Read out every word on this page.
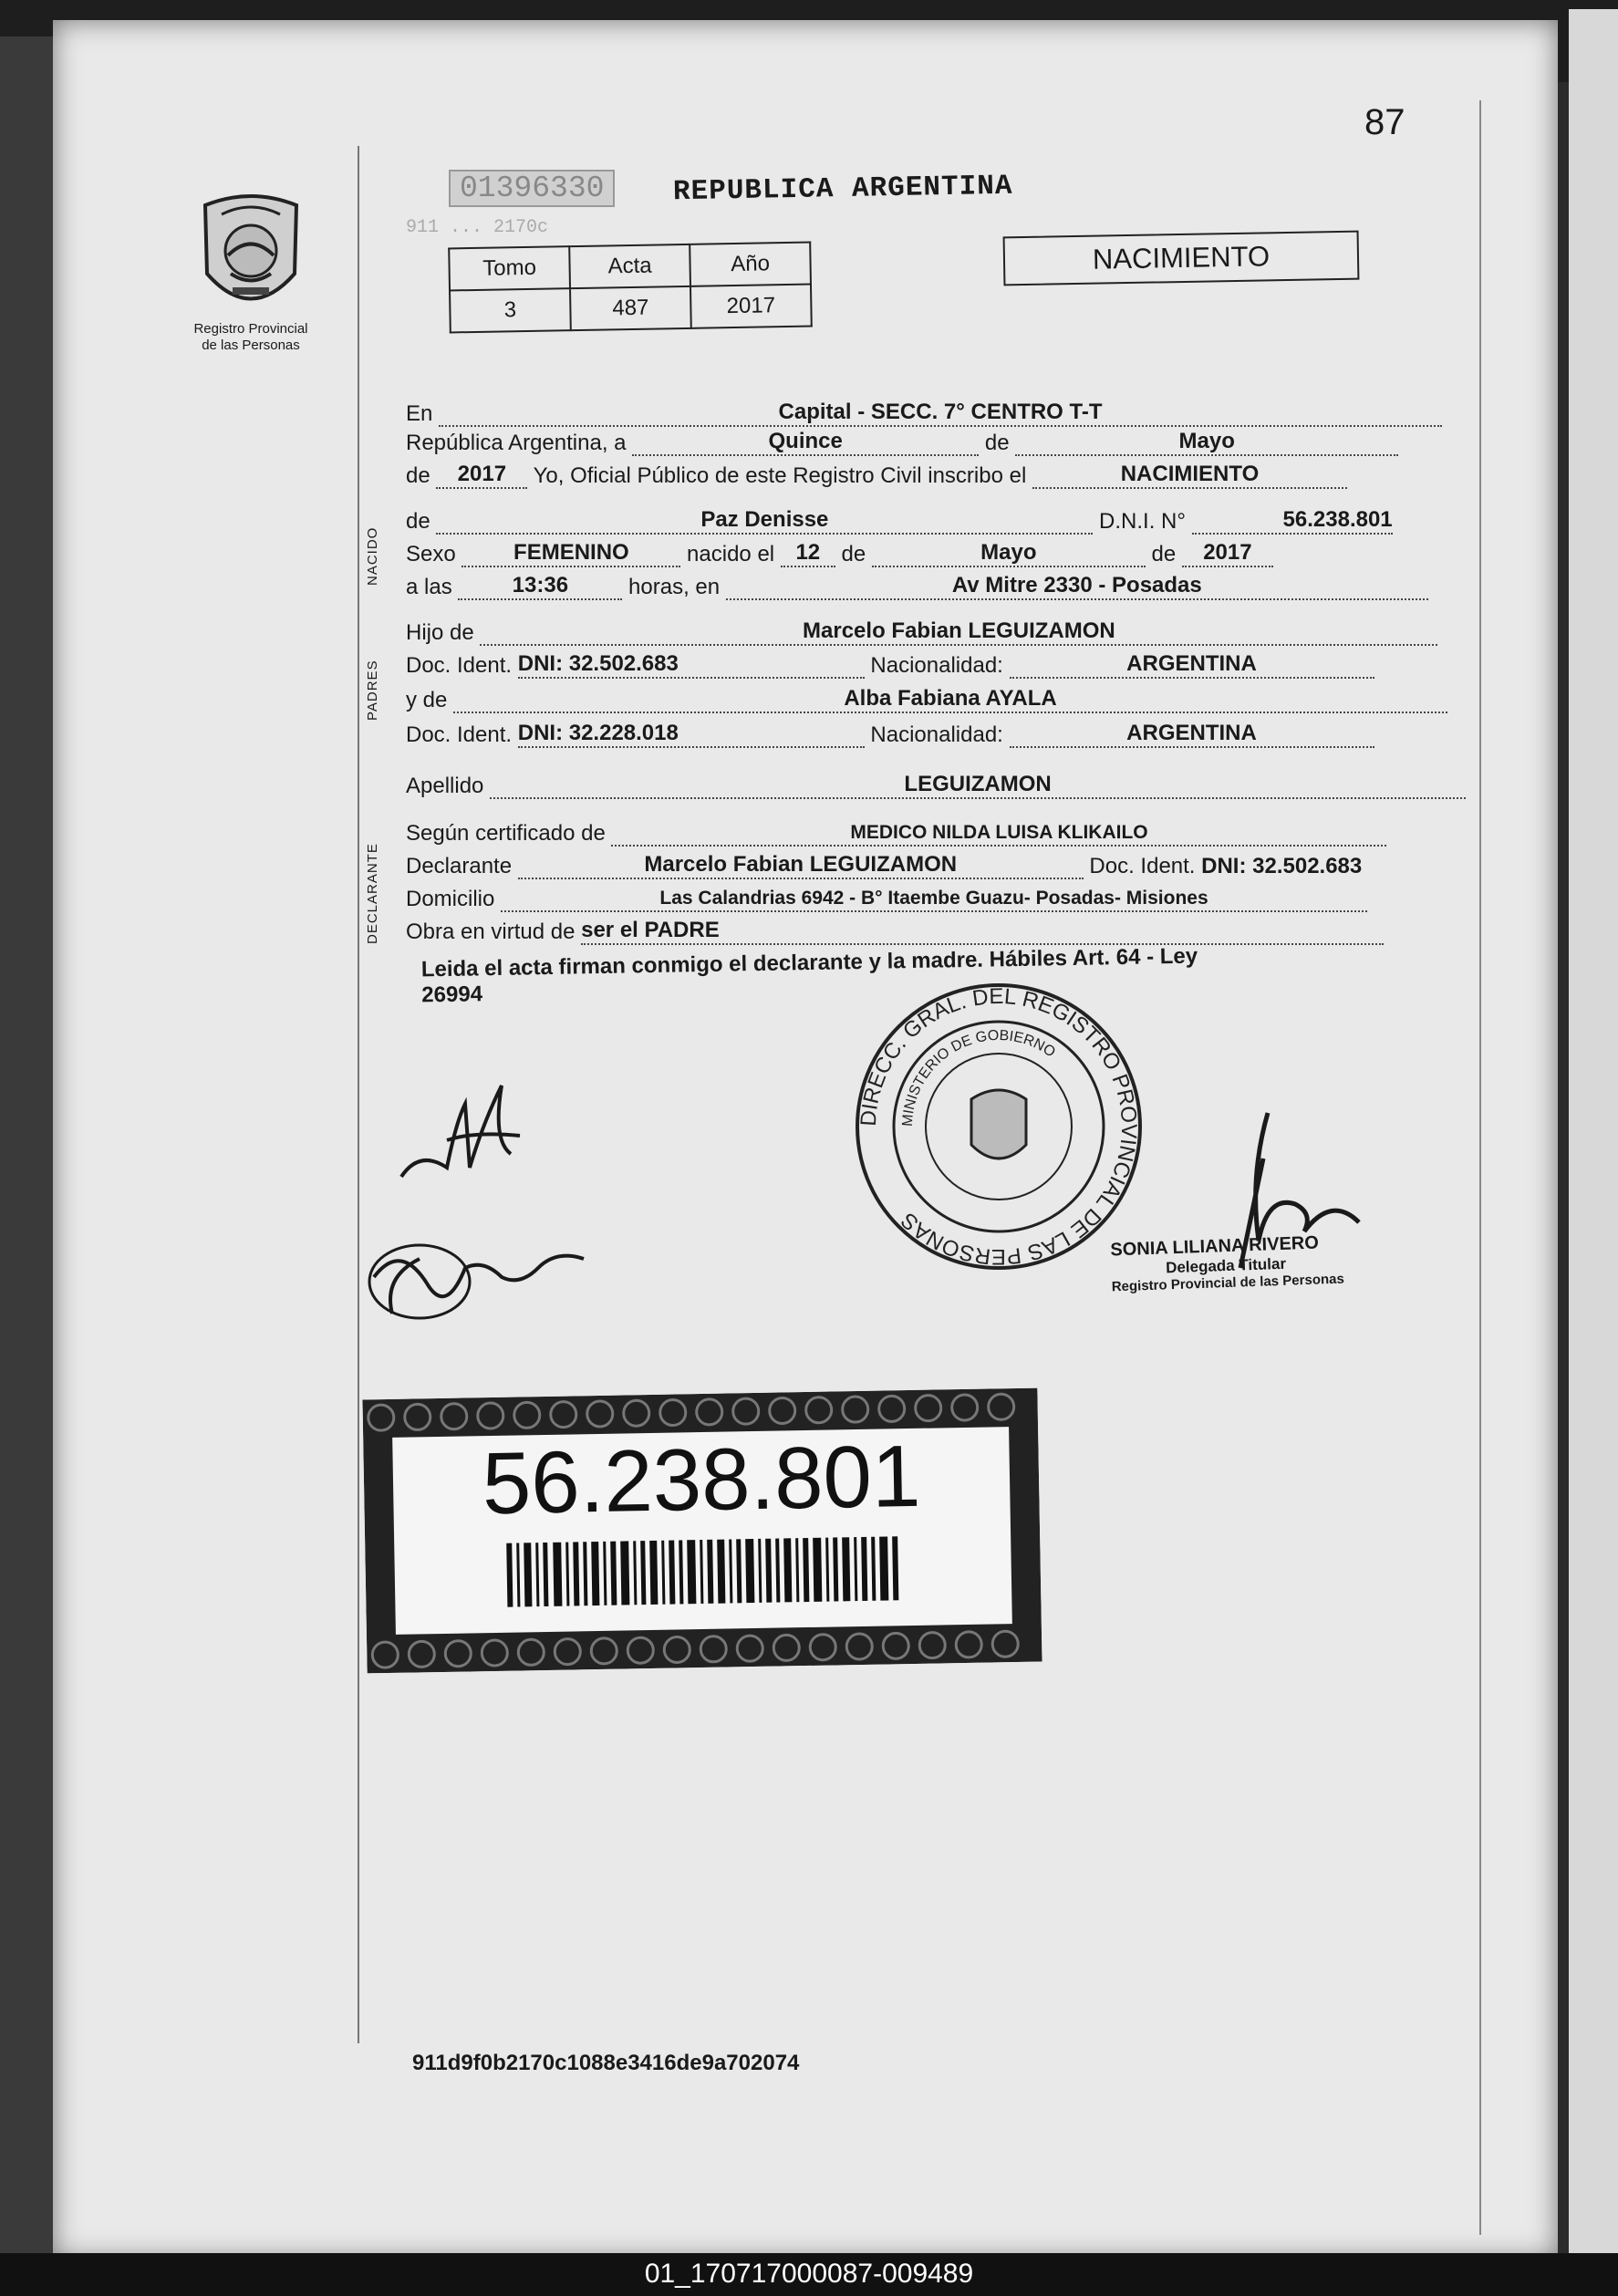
87
Registro Provincial
de las Personas
01396330
911 ... 2170c
REPUBLICA ARGENTINA
Tomo	Acta	Año
3	487	2017
NACIMIENTO
En	Capital - SECC. 7° CENTRO T-T
República Argentina, a	Quince	de	Mayo
de 2017 Yo, Oficial Público de este Registro Civil inscribo el	NACIMIENTO
NACIDO
de	Paz Denisse	D.N.I. N°	56.238.801
Sexo	FEMENINO	nacido el 12 de	Mayo	de 2017
a las	13:36	horas, en	Av Mitre 2330 - Posadas
PADRES
Hijo de	Marcelo Fabian LEGUIZAMON
Doc. Ident. DNI: 32.502.683	Nacionalidad:	ARGENTINA
y de	Alba Fabiana AYALA
Doc. Ident. DNI: 32.228.018	Nacionalidad:	ARGENTINA
Apellido	LEGUIZAMON
DECLARANTE
Según certificado de	MEDICO NILDA LUISA KLIKAILO
Declarante	Marcelo Fabian LEGUIZAMON	Doc. Ident. DNI: 32.502.683
Domicilio	Las Calandrias 6942 - B° Itaembe Guazu- Posadas- Misiones
Obra en virtud de ser el PADRE
Leida el acta firman conmigo el declarante y la madre. Hábiles Art. 64 - Ley
26994
DIRECC. GRAL. DEL REGISTRO PROVINCIAL DE LAS PERSONAS
MINISTERIO DE GOBIERNO
SONIA LILIANA RIVERO
Delegada Titular
Registro Provincial de las Personas
56.238.801
911d9f0b2170c1088e3416de9a702074
01_170717000087-009489
